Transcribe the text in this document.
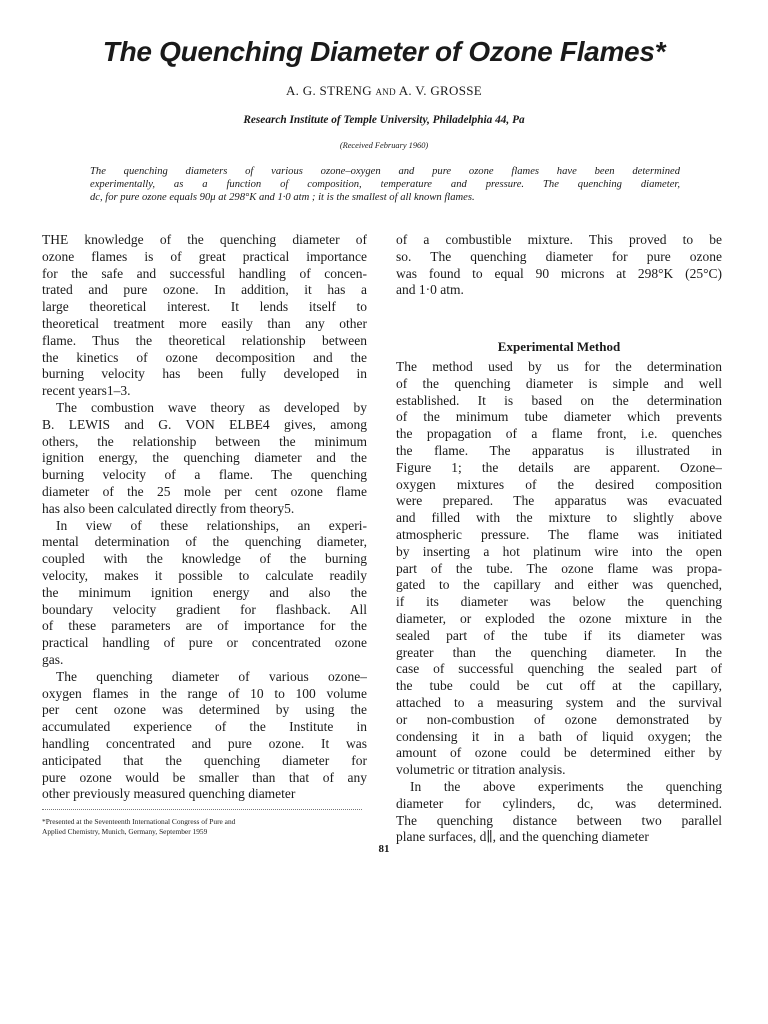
The Quenching Diameter of Ozone Flames*
A. G. STRENG and A. V. GROSSE
Research Institute of Temple University, Philadelphia 44, Pa
(Received February 1960)
The quenching diameters of various ozone–oxygen and pure ozone flames have been determined
experimentally, as a function of composition, temperature and pressure. The quenching diameter,
dc, for pure ozone equals 90μ at 298°K and 1·0 atm ; it is the smallest of all known flames.
THE knowledge of the quenching diameter of
ozone flames is of great practical importance
for the safe and successful handling of concen-
trated and pure ozone. In addition, it has a
large theoretical interest. It lends itself to
theoretical treatment more easily than any other
flame. Thus the theoretical relationship between
the kinetics of ozone decomposition and the
burning velocity has been fully developed in
recent years1–3.
The combustion wave theory as developed by
B. LEWIS and G. VON ELBE4 gives, among
others, the relationship between the minimum
ignition energy, the quenching diameter and the
burning velocity of a flame. The quenching
diameter of the 25 mole per cent ozone flame
has also been calculated directly from theory5.
In view of these relationships, an experi-
mental determination of the quenching diameter,
coupled with the knowledge of the burning
velocity, makes it possible to calculate readily
the minimum ignition energy and also the
boundary velocity gradient for flashback. All
of these parameters are of importance for the
practical handling of pure or concentrated ozone
gas.
The quenching diameter of various ozone–
oxygen flames in the range of 10 to 100 volume
per cent ozone was determined by using the
accumulated experience of the Institute in
handling concentrated and pure ozone. It was
anticipated that the quenching diameter for
pure ozone would be smaller than that of any
other previously measured quenching diameter
of a combustible mixture. This proved to be
so. The quenching diameter for pure ozone
was found to equal 90 microns at 298°K (25°C)
and 1·0 atm.
Experimental Method
The method used by us for the determination
of the quenching diameter is simple and well
established. It is based on the determination
of the minimum tube diameter which prevents
the propagation of a flame front, i.e. quenches
the flame. The apparatus is illustrated in
Figure 1; the details are apparent. Ozone–
oxygen mixtures of the desired composition
were prepared. The apparatus was evacuated
and filled with the mixture to slightly above
atmospheric pressure. The flame was initiated
by inserting a hot platinum wire into the open
part of the tube. The ozone flame was propa-
gated to the capillary and either was quenched,
if its diameter was below the quenching
diameter, or exploded the ozone mixture in the
sealed part of the tube if its diameter was
greater than the quenching diameter. In the
case of successful quenching the sealed part of
the tube could be cut off at the capillary,
attached to a measuring system and the survival
or non-combustion of ozone demonstrated by
condensing it in a bath of liquid oxygen; the
amount of ozone could be determined either by
volumetric or titration analysis.
In the above experiments the quenching
diameter for cylinders, dc, was determined.
The quenching distance between two parallel
plane surfaces, d∥, and the quenching diameter
*Presented at the Seventeenth International Congress of Pure and
Applied Chemistry, Munich, Germany, September 1959
81
